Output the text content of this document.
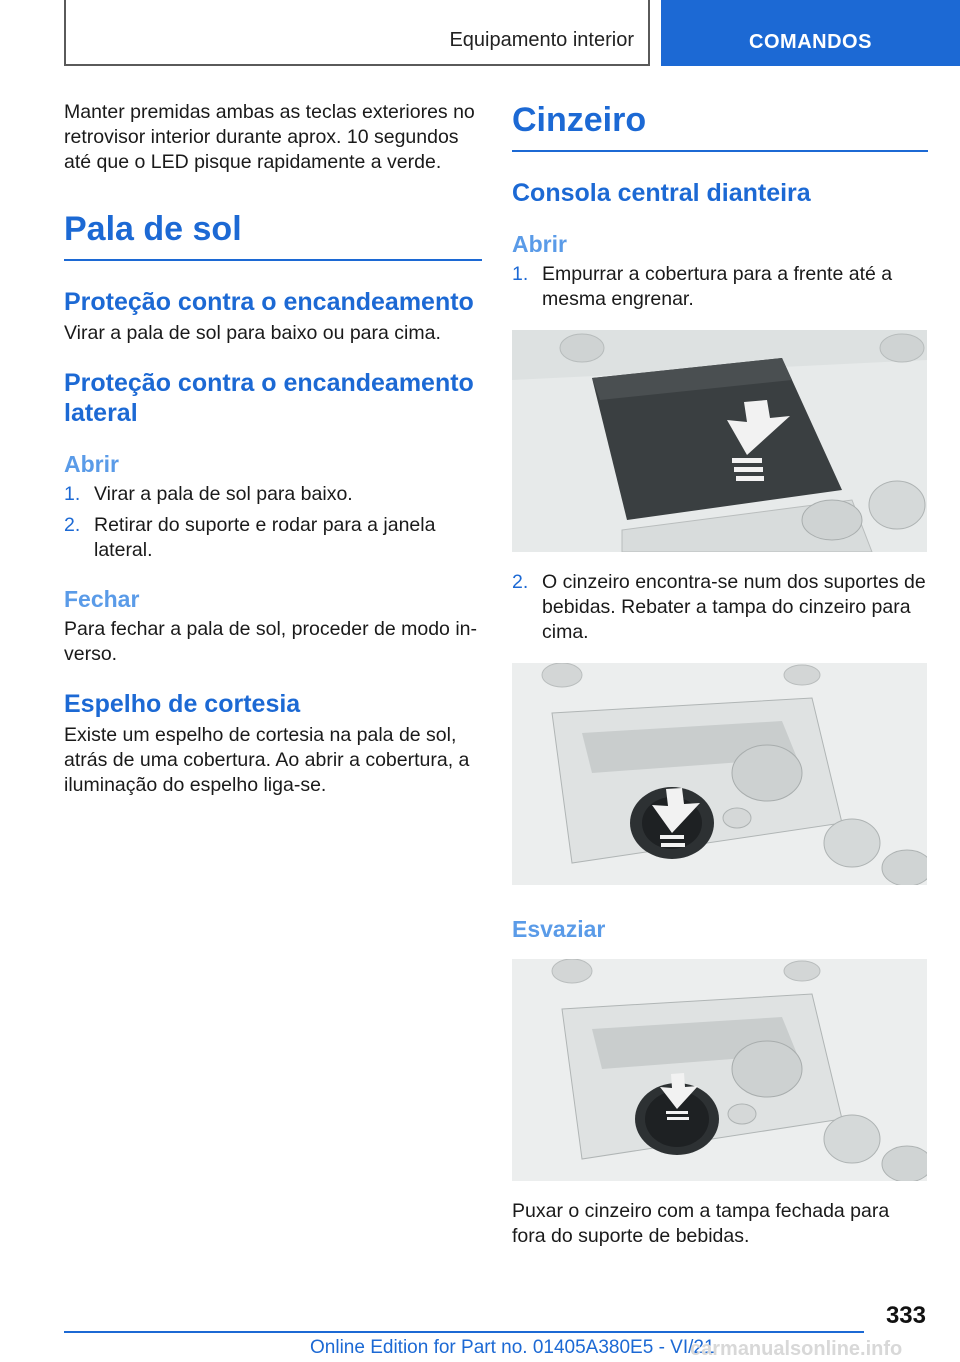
Equipamento interior	COMANDOS

Manter premidas ambas as teclas exteriores no retrovisor interior durante aprox. 10 segundos até que o LED pisque rapidamente a verde.

Pala de sol
Proteção contra o encandeamento

Virar a pala de sol para baixo ou para cima.

Proteção contra o encandeamento lateral
Abrir
1. Virar a pala de sol para baixo.
2. Retirar do suporte e rodar para a janela lateral.
Fechar

Para fechar a pala de sol, proceder de modo inverso.

Espelho de cortesia

Existe um espelho de cortesia na pala de sol, atrás de uma cobertura. Ao abrir a cobertura, a iluminação do espelho liga-se.

Cinzeiro
Consola central dianteira
Abrir
1. Empurrar a cobertura para a frente até a mesma engrenar.
2. O cinzeiro encontra-se num dos suportes de bebidas. Rebater a tampa do cinzeiro para cima.
Esvaziar

Puxar o cinzeiro com a tampa fechada para fora do suporte de bebidas.

333
Online Edition for Part no. 01405A380E5 - VI/21
carmanualsonline.info
